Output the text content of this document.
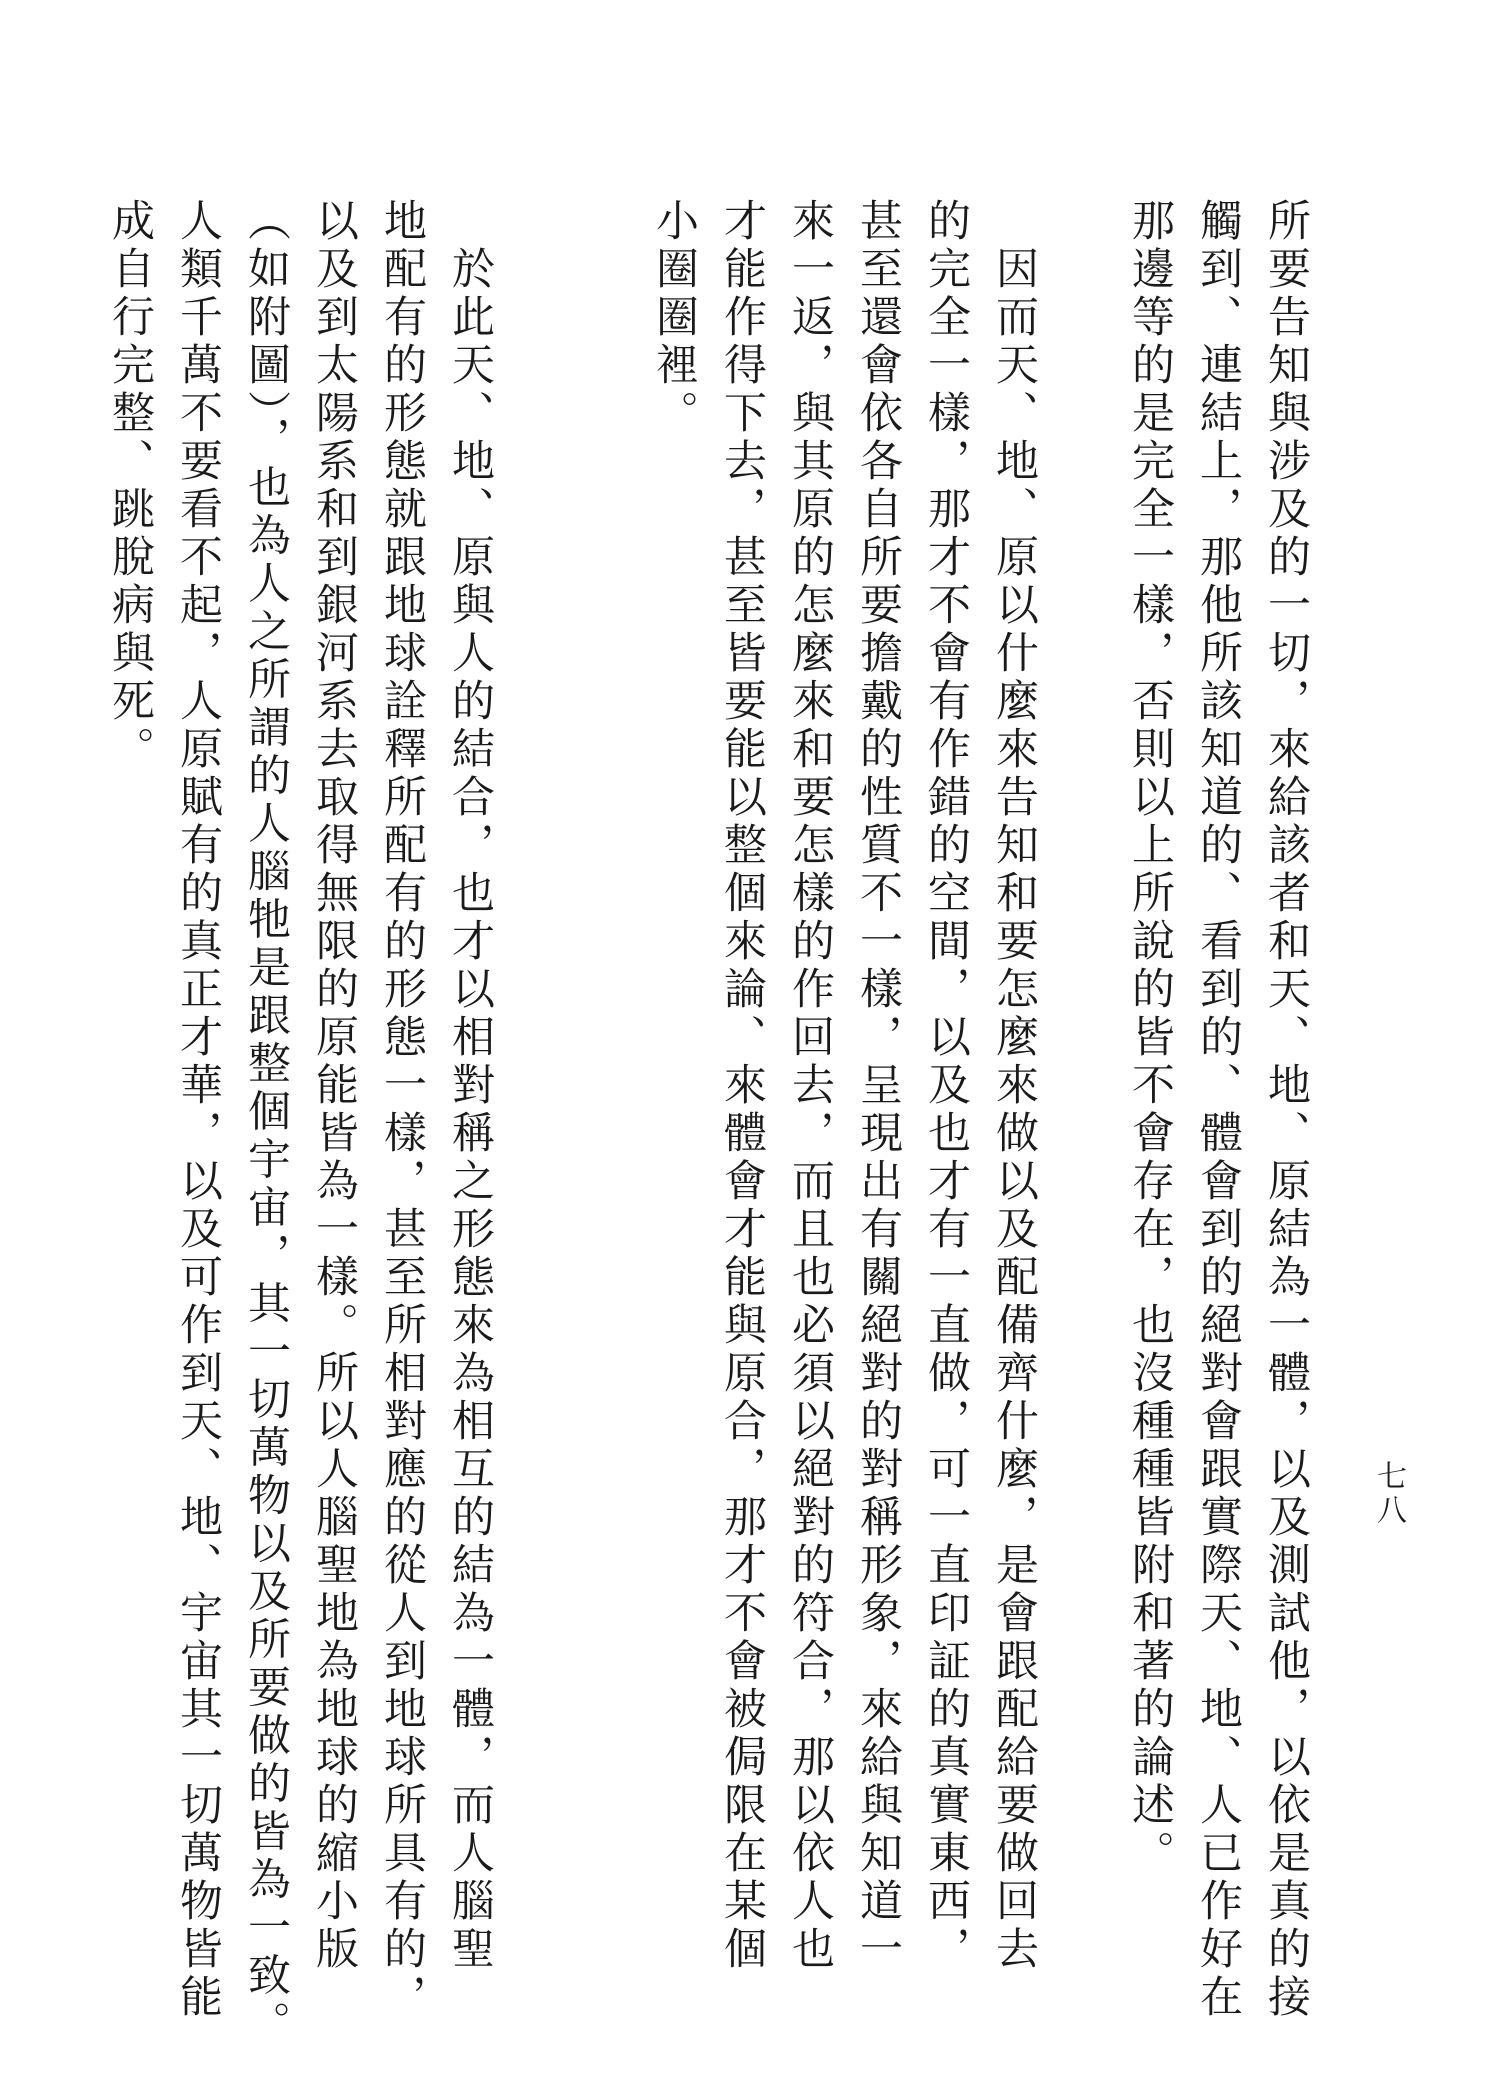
七八
所要告知與涉及的一切，來給該者和天、地、原結為一體，以及測試他，以依是真的接
觸到、連結上，那他所該知道的、看到的、體會到的絕對會跟實際天、地、人已作好在
那邊等的是完全一樣，否則以上所說的皆不會存在，也沒種種皆附和著的論述。

　因而天、地、原以什麼來告知和要怎麼來做以及配備齊什麼，是會跟配給要做回去
的完全一樣，那才不會有作錯的空間，以及也才有一直做，可一直印証的真實東西，
甚至還會依各自所要擔戴的性質不一樣，呈現出有關絕對的對稱形象，來給與知道一
來一返，與其原的怎麼來和要怎樣的作回去，而且也必須以絕對的符合，那以依人也
才能作得下去，甚至皆要能以整個來論、來體會才能與原合，那才不會被侷限在某個
小圈圈裡。

　於此天、地、原與人的結合，也才以相對稱之形態來為相互的結為一體，而人腦聖
地配有的形態就跟地球詮釋所配有的形態一樣，甚至所相對應的從人到地球所具有的，
以及到太陽系和到銀河系去取得無限的原能皆為一樣。所以人腦聖地為地球的縮小版
（如附圖），也為人之所謂的人腦牠是跟整個宇宙，其一切萬物以及所要做的皆為一致。
人類千萬不要看不起，人原賦有的真正才華，以及可作到天、地、宇宙其一切萬物皆能
成自行完整、跳脫病與死。
